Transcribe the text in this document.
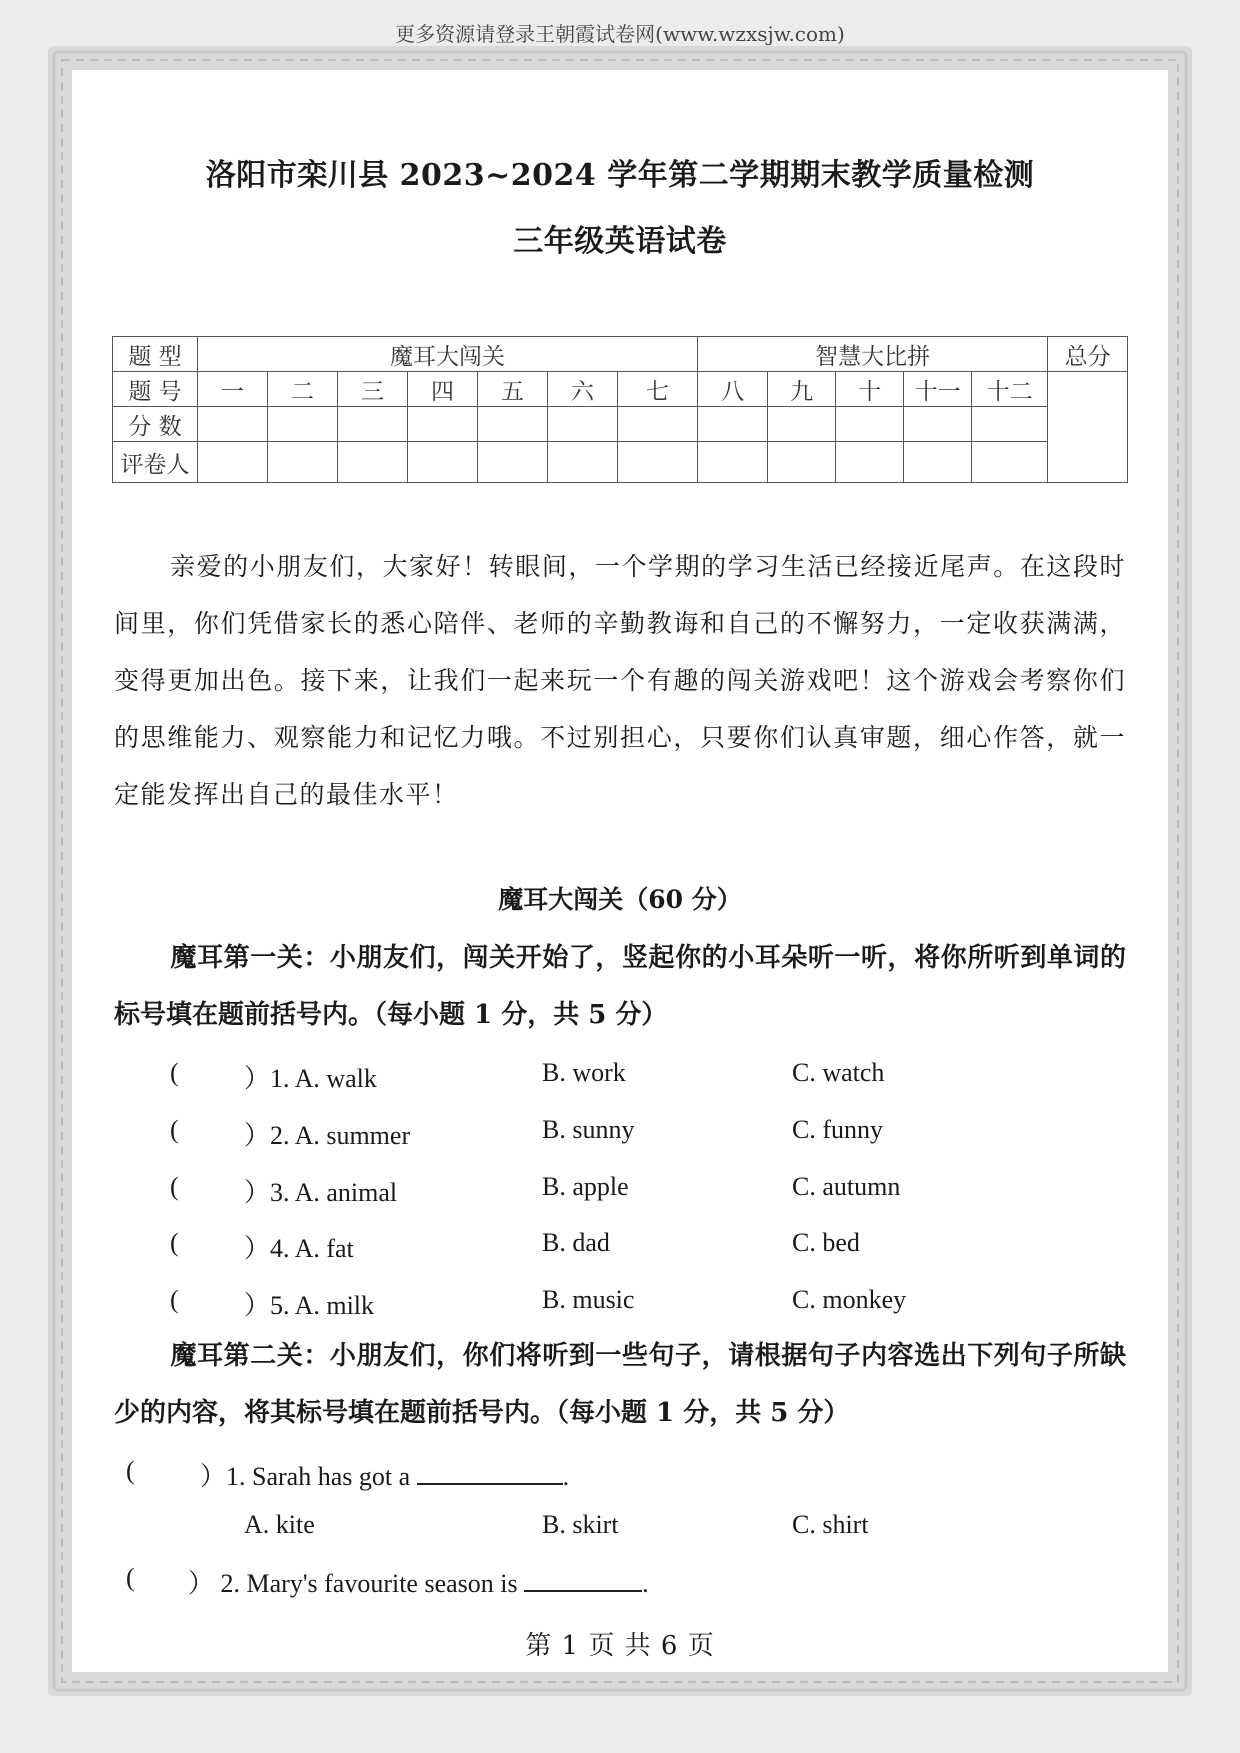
更多资源请登录王朝霞试卷网(www.wzxsjw.com)
洛阳市栾川县 2023~2024 学年第二学期期末教学质量检测
三年级英语试卷
题 型	魔耳大闯关							智慧大比拼					总分
题 号	一	二	三	四	五	六	七	八	九	十	十一	十二	
分 数													
评卷人													
亲爱的小朋友们，大家好！转眼间，一个学期的学习生活已经接近尾声。在这段时间里，你们凭借家长的悉心陪伴、老师的辛勤教诲和自己的不懈努力，一定收获满满，变得更加出色。接下来，让我们一起来玩一个有趣的闯关游戏吧！这个游戏会考察你们的思维能力、观察能力和记忆力哦。不过别担心，只要你们认真审题，细心作答，就一定能发挥出自己的最佳水平！
魔耳大闯关（60 分）
魔耳第一关：小朋友们，闯关开始了，竖起你的小耳朵听一听，将你所听到单词的标号填在题前括号内。（每小题 1 分，共 5 分）
(	）1. A. walk	B. work	C. watch
(	）2. A. summer	B. sunny	C. funny
(	）3. A. animal	B. apple	C. autumn
(	）4. A. fat	B. dad	C. bed
(	）5. A. milk	B. music	C. monkey
魔耳第二关：小朋友们，你们将听到一些句子，请根据句子内容选出下列句子所缺少的内容，将其标号填在题前括号内。（每小题 1 分，共 5 分）
(	）1. Sarah has got a	.
A. kite	B. skirt	C. shirt
( ） 2. Mary's favourite season is	.
第 1 页 共 6 页
